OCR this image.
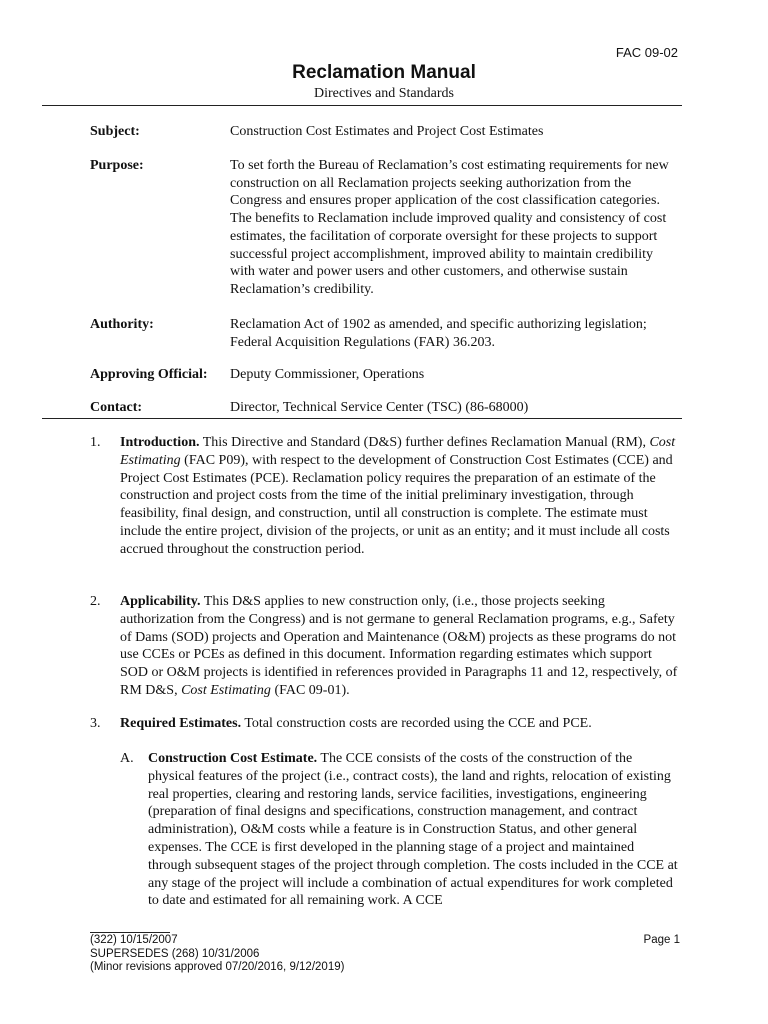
FAC 09-02
Reclamation Manual
Directives and Standards
Subject:	Construction Cost Estimates and Project Cost Estimates
Purpose:	To set forth the Bureau of Reclamation’s cost estimating requirements for new construction on all Reclamation projects seeking authorization from the Congress and ensures proper application of the cost classification categories. The benefits to Reclamation include improved quality and consistency of cost estimates, the facilitation of corporate oversight for these projects to support successful project accomplishment, improved ability to maintain credibility with water and power users and other customers, and otherwise sustain Reclamation’s credibility.
Authority:	Reclamation Act of 1902 as amended, and specific authorizing legislation; Federal Acquisition Regulations (FAR) 36.203.
Approving Official:	Deputy Commissioner, Operations
Contact:	Director, Technical Service Center (TSC) (86-68000)
1.	Introduction. This Directive and Standard (D&S) further defines Reclamation Manual (RM), Cost Estimating (FAC P09), with respect to the development of Construction Cost Estimates (CCE) and Project Cost Estimates (PCE). Reclamation policy requires the preparation of an estimate of the construction and project costs from the time of the initial preliminary investigation, through feasibility, final design, and construction, until all construction is complete. The estimate must include the entire project, division of the projects, or unit as an entity; and it must include all costs accrued throughout the construction period.
2.	Applicability. This D&S applies to new construction only, (i.e., those projects seeking authorization from the Congress) and is not germane to general Reclamation programs, e.g., Safety of Dams (SOD) projects and Operation and Maintenance (O&M) projects as these programs do not use CCEs or PCEs as defined in this document. Information regarding estimates which support SOD or O&M projects is identified in references provided in Paragraphs 11 and 12, respectively, of RM D&S, Cost Estimating (FAC 09-01).
3.	Required Estimates. Total construction costs are recorded using the CCE and PCE.
A.	Construction Cost Estimate. The CCE consists of the costs of the construction of the physical features of the project (i.e., contract costs), the land and rights, relocation of existing real properties, clearing and restoring lands, service facilities, investigations, engineering (preparation of final designs and specifications, construction management, and contract administration), O&M costs while a feature is in Construction Status, and other general expenses. The CCE is first developed in the planning stage of a project and maintained through subsequent stages of the project through completion. The costs included in the CCE at any stage of the project will include a combination of actual expenditures for work completed to date and estimated for all remaining work. A CCE
(322) 10/15/2007
SUPERSEDES (268) 10/31/2006
(Minor revisions approved 07/20/2016, 9/12/2019)
Page 1
